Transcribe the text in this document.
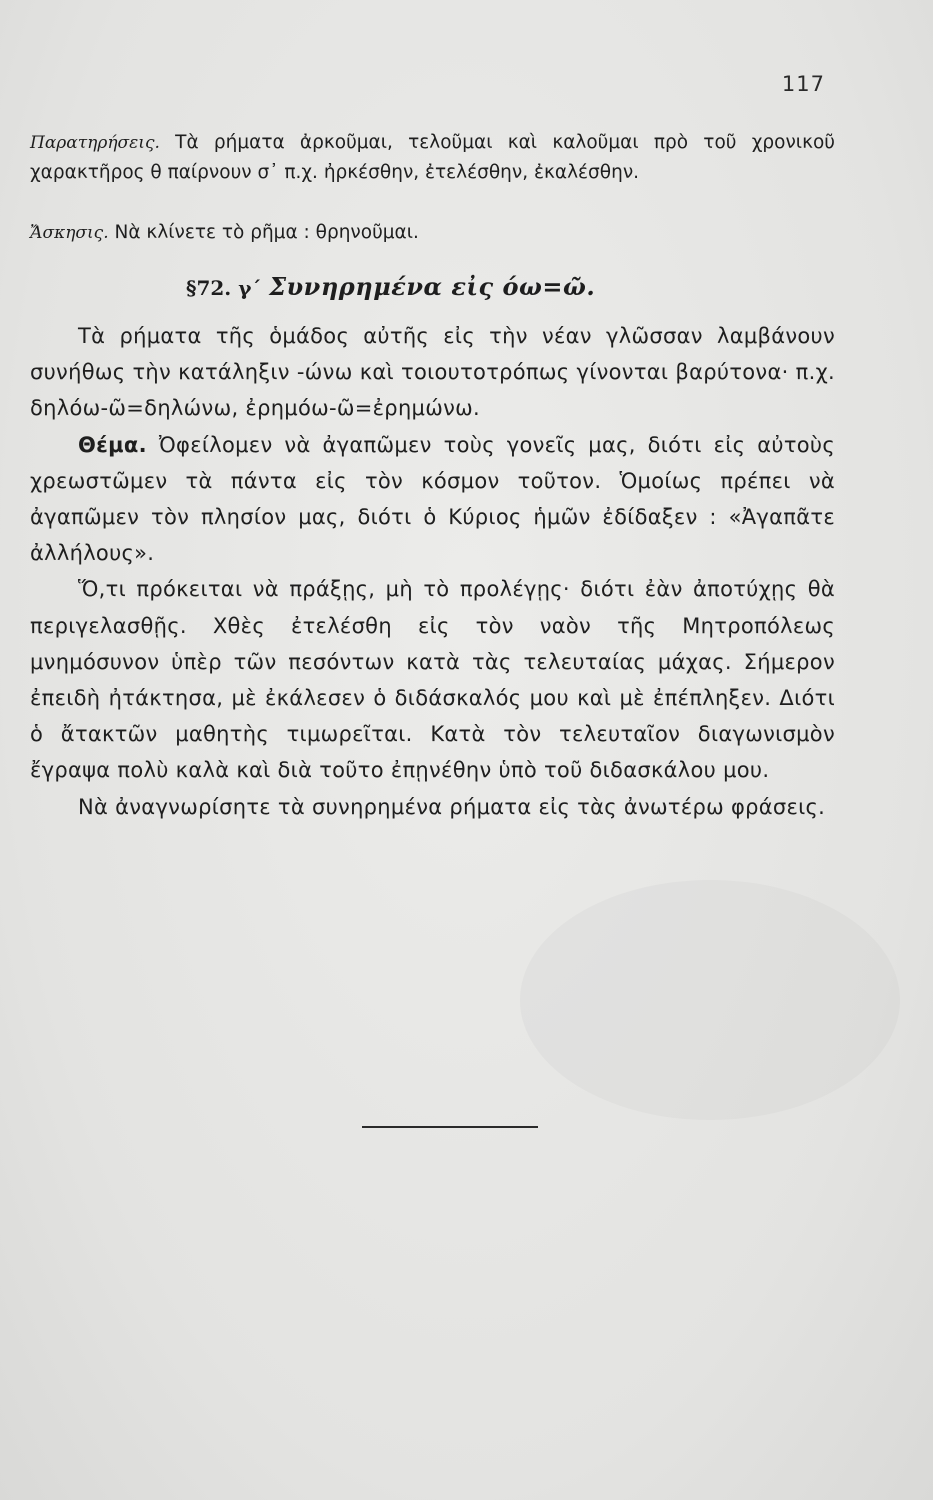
117
Παρατηρήσεις. Τὰ ρήματα ἀρκοῦμαι, τελοῦμαι καὶ καλοῦμαι πρὸ τοῦ χρονικοῦ χαρακτῆρος θ παίρνουν σ᾽ π.χ. ἠρκέσθην, ἐτελέσθην, ἐκαλέσθην.
Ἄσκησις. Νὰ κλίνετε τὸ ρῆμα : θρηνοῦμαι.
§72. γ΄ Συνηρημένα εἰς όω=ῶ.

Τὰ ρήματα τῆς ὁμάδος αὐτῆς εἰς τὴν νέαν γλῶσσαν λαμβάνουν συνήθως τὴν κατάληξιν -ώνω καὶ τοιουτοτρόπως γίνονται βαρύτονα· π.χ. δηλόω-ῶ=δηλώνω, ἐρημόω-ῶ=ἐρημώνω.

Θέμα. Ὀφείλομεν νὰ ἀγαπῶμεν τοὺς γονεῖς μας, διότι εἰς αὐτοὺς χρεωστῶμεν τὰ πάντα εἰς τὸν κόσμον τοῦτον. Ὁμοίως πρέπει νὰ ἀγαπῶμεν τὸν πλησίον μας, διότι ὁ Κύριος ἡμῶν ἐδίδαξεν : «Ἀγαπᾶτε ἀλλήλους».

Ὅ,τι πρόκειται νὰ πράξῃς, μὴ τὸ προλέγῃς· διότι ἐὰν ἀποτύχῃς θὰ περιγελασθῇς. Χθὲς ἐτελέσθη εἰς τὸν ναὸν τῆς Μητροπόλεως μνημόσυνον ὑπὲρ τῶν πεσόντων κατὰ τὰς τελευταίας μάχας. Σήμερον ἐπειδὴ ἠτάκτησα, μὲ ἐκάλεσεν ὁ διδάσκαλός μου καὶ μὲ ἐπέπληξεν. Διότι ὁ ἄτακτῶν μαθητὴς τιμωρεῖται. Κατὰ τὸν τελευταῖον διαγωνισμὸν ἔγραψα πολὺ καλὰ καὶ διὰ τοῦτο ἐπῃνέθην ὑπὸ τοῦ διδασκάλου μου.

Νὰ ἀναγνωρίσητε τὰ συνηρημένα ρήματα εἰς τὰς ἀνωτέρω φράσεις.
